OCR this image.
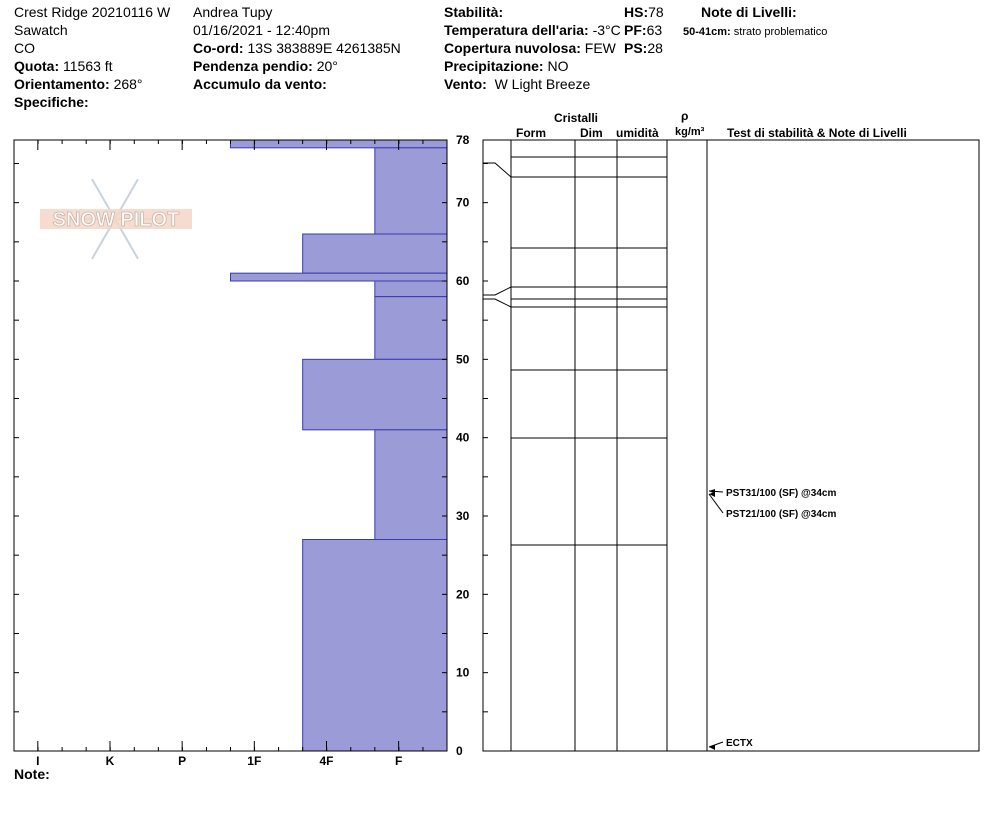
Crest Ridge 20210116 W
Sawatch
CO
Quota: 11563 ft
Orientamento: 268°
Specifiche:
Andrea Tupy
01/16/2021 - 12:40pm
Co-ord: 13S 383889E 4261385N
Pendenza pendio: 20°
Accumulo da vento:
Stabilità:
Temperatura dell'aria: -3°C
Copertura nuvolosa: FEW
Precipitazione: NO
Vento: W Light Breeze
HS:78
PF:63
PS:28
Note di Livelli:
50-41cm: strato problematico
Cristalli
Form	Dim umidità
ρ
kg/m³ Test di stabilità & Note di Livelli
Note:
SNOW PILOT
I	K	P	1F	4F	F
0
10
20
30
40
50
60
70
78
PST31/100 (SF) @34cm
PST21/100 (SF) @34cm
ECTX
